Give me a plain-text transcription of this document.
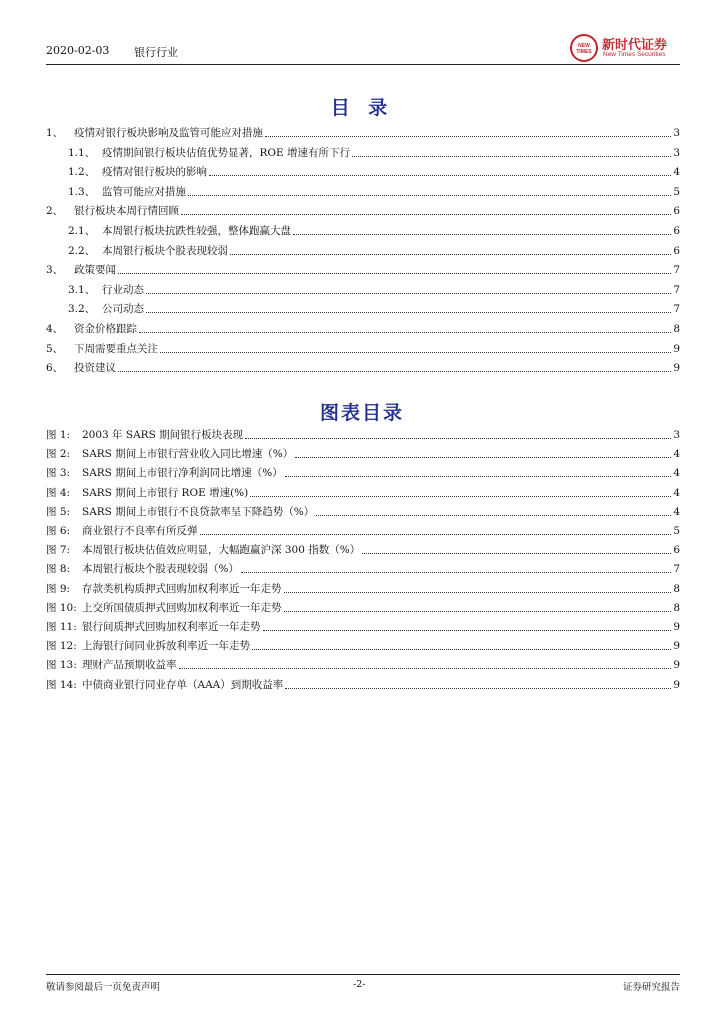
2020-02-03 银行行业	NEW TIMES 新时代证券
New Times Securities
目 录
1、	疫情对银行板块影响及监管可能应对措施	3
1.1、 疫情期间银行板块估值优势显著，ROE 增速有所下行	3
1.2、 疫情对银行板块的影响	4
1.3、 监管可能应对措施	5
2、	银行板块本周行情回顾	6
2.1、 本周银行板块抗跌性较强，整体跑赢大盘	6
2.2、 本周银行板块个股表现较弱	6
3、	政策要闻	7
3.1、 行业动态	7
3.2、 公司动态	7
4、	资金价格跟踪	8
5、	下周需要重点关注	9
6、	投资建议	9
图表目录
图 1:	2003 年 SARS 期间银行板块表现	3
图 2:	SARS 期间上市银行营业收入同比增速（%）	4
图 3:	SARS 期间上市银行净利润同比增速（%）	4
图 4:	SARS 期间上市银行 ROE 增速(%)	4
图 5:	SARS 期间上市银行不良贷款率呈下降趋势（%）	4
图 6:	商业银行不良率有所反弹	5
图 7:	本周银行板块估值效应明显，大幅跑赢沪深 300 指数（%）	6
图 8:	本周银行板块个股表现较弱（%）	7
图 9:	存款类机构质押式回购加权利率近一年走势	8
图 10: 上交所国债质押式回购加权利率近一年走势	8
图 11: 银行间质押式回购加权利率近一年走势	9
图 12: 上海银行间同业拆放利率近一年走势	9
图 13: 理财产品预期收益率	9
图 14: 中债商业银行同业存单（AAA）到期收益率	9
敬请参阅最后一页免责声明	-2-	证券研究报告
